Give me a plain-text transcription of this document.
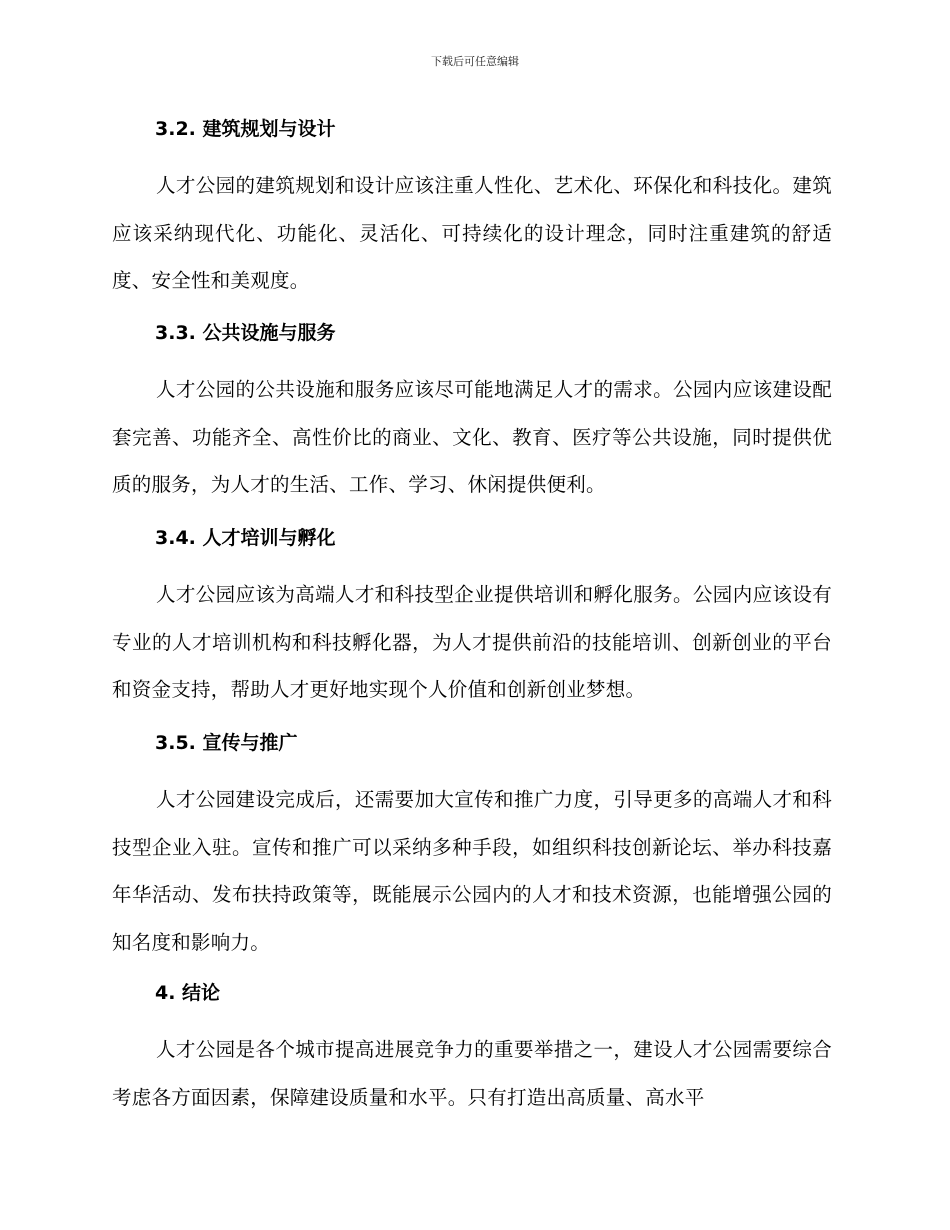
下载后可任意编辑
3.2. 建筑规划与设计
人才公园的建筑规划和设计应该注重人性化、艺术化、环保化和科技化。建筑应该采纳现代化、功能化、灵活化、可持续化的设计理念，同时注重建筑的舒适度、安全性和美观度。
3.3. 公共设施与服务
人才公园的公共设施和服务应该尽可能地满足人才的需求。公园内应该建设配套完善、功能齐全、高性价比的商业、文化、教育、医疗等公共设施，同时提供优质的服务，为人才的生活、工作、学习、休闲提供便利。
3.4. 人才培训与孵化
人才公园应该为高端人才和科技型企业提供培训和孵化服务。公园内应该设有专业的人才培训机构和科技孵化器，为人才提供前沿的技能培训、创新创业的平台和资金支持，帮助人才更好地实现个人价值和创新创业梦想。
3.5. 宣传与推广
人才公园建设完成后，还需要加大宣传和推广力度，引导更多的高端人才和科技型企业入驻。宣传和推广可以采纳多种手段，如组织科技创新论坛、举办科技嘉年华活动、发布扶持政策等，既能展示公园内的人才和技术资源，也能增强公园的知名度和影响力。
4. 结论
人才公园是各个城市提高进展竞争力的重要举措之一，建设人才公园需要综合考虑各方面因素，保障建设质量和水平。只有打造出高质量、高水平
